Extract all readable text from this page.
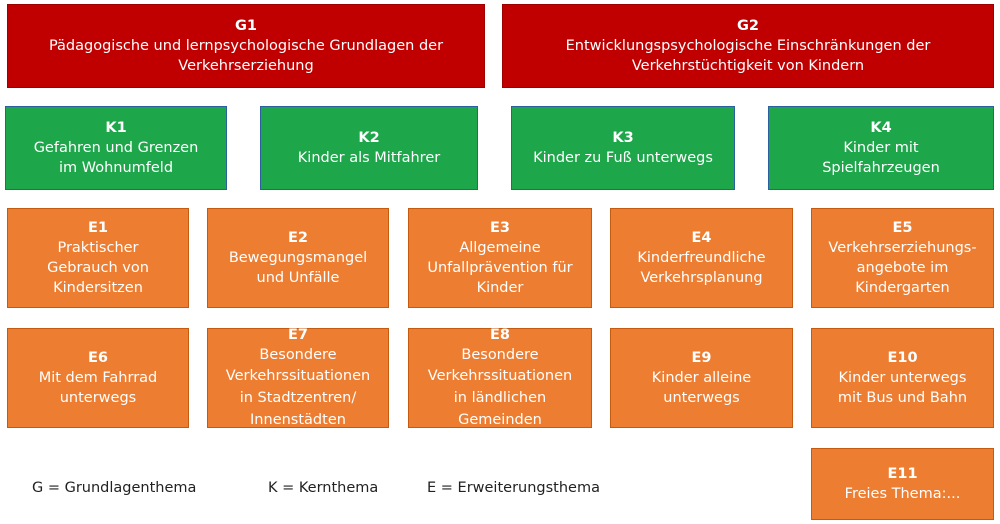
G1
Pädagogische und lernpsychologische Grundlagen der
Verkehrserziehung
G2
Entwicklungspsychologische Einschränkungen der
Verkehrstüchtigkeit von Kindern
K1
Gefahren und Grenzen
im Wohnumfeld
K2
Kinder als Mitfahrer
K3
Kinder zu Fuß unterwegs
K4
Kinder mit
Spielfahrzeugen
E1
Praktischer
Gebrauch von
Kindersitzen
E2
Bewegungsmangel
und Unfälle
E3
Allgemeine
Unfallprävention für
Kinder
E4
Kinderfreundliche
Verkehrsplanung
E5
Verkehrserziehungs-
angebote im
Kindergarten
E6
Mit dem Fahrrad
unterwegs
E7
Besondere
Verkehrssituationen
in Stadtzentren/
Innenstädten
E8
Besondere
Verkehrssituationen
in ländlichen
Gemeinden
E9
Kinder alleine
unterwegs
E10
Kinder unterwegs
mit Bus und Bahn
E11
Freies Thema:...
G = Grundlagenthema	K = Kernthema	E = Erweiterungsthema
